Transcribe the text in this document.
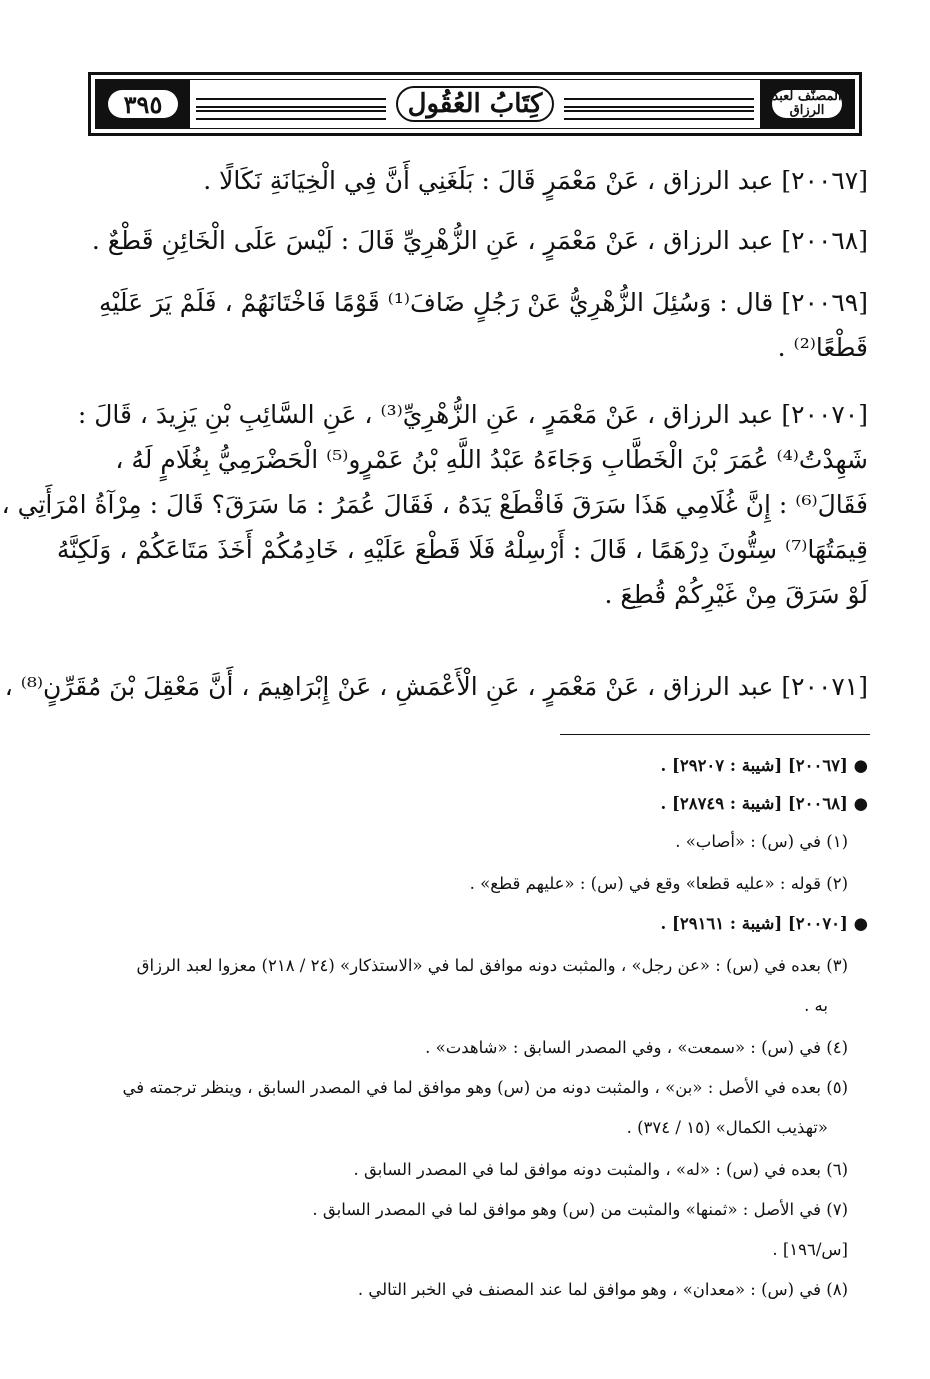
٣٩٥	كِتَابُ العُقُول	المصنّف لعبد الرزاق
[٢٠٠٦٧] عبد الرزاق ، عَنْ مَعْمَرٍ قَالَ : بَلَغَنِي أَنَّ فِي الْخِيَانَةِ نَكَالًا .
[٢٠٠٦٨] عبد الرزاق ، عَنْ مَعْمَرٍ ، عَنِ الزُّهْرِيِّ قَالَ : لَيْسَ عَلَى الْخَائِنِ قَطْعٌ .
[٢٠٠٦٩] قال : وَسُئِلَ الزُّهْرِيُّ عَنْ رَجُلٍ ضَافَ⁽¹⁾ قَوْمًا فَاخْتَانَهُمْ ، فَلَمْ يَرَ عَلَيْهِ
قَطْعًا⁽²⁾ .
[٢٠٠٧٠] عبد الرزاق ، عَنْ مَعْمَرٍ ، عَنِ الزُّهْرِيِّ⁽³⁾ ، عَنِ السَّائِبِ بْنِ يَزِيدَ ، قَالَ :
شَهِدْتُ⁽⁴⁾ عُمَرَ بْنَ الْخَطَّابِ وَجَاءَهُ عَبْدُ اللَّهِ بْنُ عَمْرٍو⁽⁵⁾ الْحَضْرَمِيُّ بِغُلَامٍ لَهُ ،
فَقَالَ⁽⁶⁾ : إِنَّ غُلَامِي هَذَا سَرَقَ فَاقْطَعْ يَدَهُ ، فَقَالَ عُمَرُ : مَا سَرَقَ؟ قَالَ : مِرْآةُ امْرَأَتِي ،
قِيمَتُهَا⁽⁷⁾ سِتُّونَ دِرْهَمًا ، قَالَ : أَرْسِلْهُ فَلَا قَطْعَ عَلَيْهِ ، خَادِمُكُمْ أَخَذَ مَتَاعَكُمْ ، وَلَكِنَّهُ
لَوْ سَرَقَ مِنْ غَيْرِكُمْ قُطِعَ .
[٢٠٠٧١] عبد الرزاق ، عَنْ مَعْمَرٍ ، عَنِ الْأَعْمَشِ ، عَنْ إِبْرَاهِيمَ ، أَنَّ مَعْقِلَ بْنَ مُقَرِّنٍ⁽⁸⁾ ،
● [٢٠٠٦٧] [شيبة : ٢٩٢٠٧] .
● [٢٠٠٦٨] [شيبة : ٢٨٧٤٩] .
(١) في (س) : «أصاب» .
(٢) قوله : «عليه قطعا» وقع في (س) : «عليهم قطع» .
● [٢٠٠٧٠] [شيبة : ٢٩١٦١] .
(٣) بعده في (س) : «عن رجل» ، والمثبت دونه موافق لما في «الاستذكار» (٢٤ / ٢١٨) معزوا لعبد الرزاق
به .
(٤) في (س) : «سمعت» ، وفي المصدر السابق : «شاهدت» .
(٥) بعده في الأصل : «بن» ، والمثبت دونه من (س) وهو موافق لما في المصدر السابق ، وينظر ترجمته في
«تهذيب الكمال» (١٥ / ٣٧٤) .
(٦) بعده في (س) : «له» ، والمثبت دونه موافق لما في المصدر السابق .
(٧) في الأصل : «ثمنها» والمثبت من (س) وهو موافق لما في المصدر السابق .
[س/١٩٦] .
(٨) في (س) : «معدان» ، وهو موافق لما عند المصنف في الخبر التالي .
